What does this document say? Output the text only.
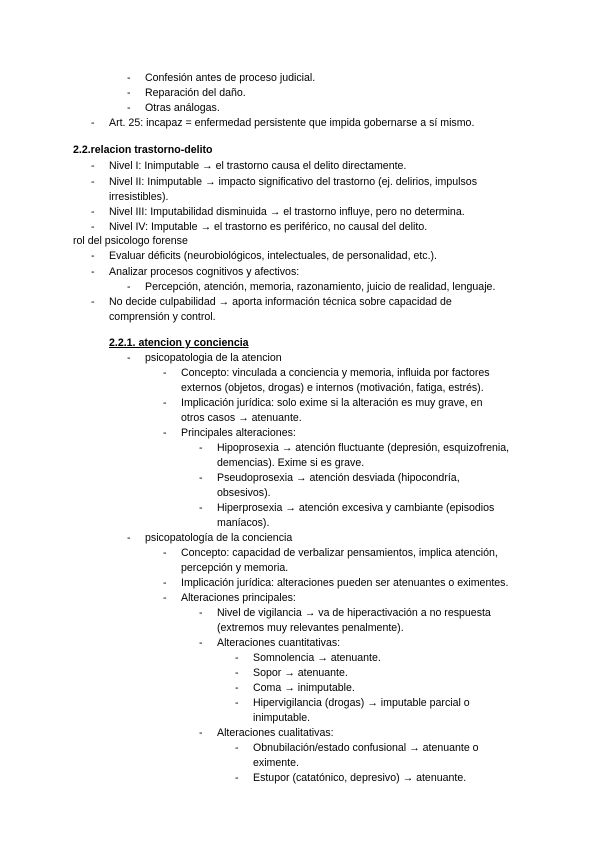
- Confesión antes de proceso judicial.
- Reparación del daño.
- Otras análogas.
- Art. 25: incapaz = enfermedad persistente que impida gobernarse a sí mismo.
2.2.relacion trastorno-delito
- Nivel I: Inimputable → el trastorno causa el delito directamente.
- Nivel II: Inimputable → impacto significativo del trastorno (ej. delirios, impulsos
irresistibles).
- Nivel III: Imputabilidad disminuida → el trastorno influye, pero no determina.
- Nivel IV: Imputable → el trastorno es periférico, no causal del delito.
rol del psicologo forense
- Evaluar déficits (neurobiológicos, intelectuales, de personalidad, etc.).
- Analizar procesos cognitivos y afectivos:
- Percepción, atención, memoria, razonamiento, juicio de realidad, lenguaje.
- No decide culpabilidad → aporta información técnica sobre capacidad de
comprensión y control.
2.2.1. atencion y conciencia
- psicopatologia de la atencion
- Concepto: vinculada a conciencia y memoria, influida por factores
externos (objetos, drogas) e internos (motivación, fatiga, estrés).
- Implicación jurídica: solo exime si la alteración es muy grave, en
otros casos → atenuante.
- Principales alteraciones:
- Hipoprosexia → atención fluctuante (depresión, esquizofrenia,
demencias). Exime si es grave.
- Pseudoprosexia → atención desviada (hipocondría,
obsesivos).
- Hiperprosexia → atención excesiva y cambiante (episodios
maníacos).
- psicopatología de la conciencia
- Concepto: capacidad de verbalizar pensamientos, implica atención,
percepción y memoria.
- Implicación jurídica: alteraciones pueden ser atenuantes o eximentes.
- Alteraciones principales:
- Nivel de vigilancia → va de hiperactivación a no respuesta
(extremos muy relevantes penalmente).
- Alteraciones cuantitativas:
- Somnolencia → atenuante.
- Sopor → atenuante.
- Coma → inimputable.
- Hipervigilancia (drogas) → imputable parcial o
inimputable.
- Alteraciones cualitativas:
- Obnubilación/estado confusional → atenuante o
eximente.
- Estupor (catatónico, depresivo) → atenuante.
